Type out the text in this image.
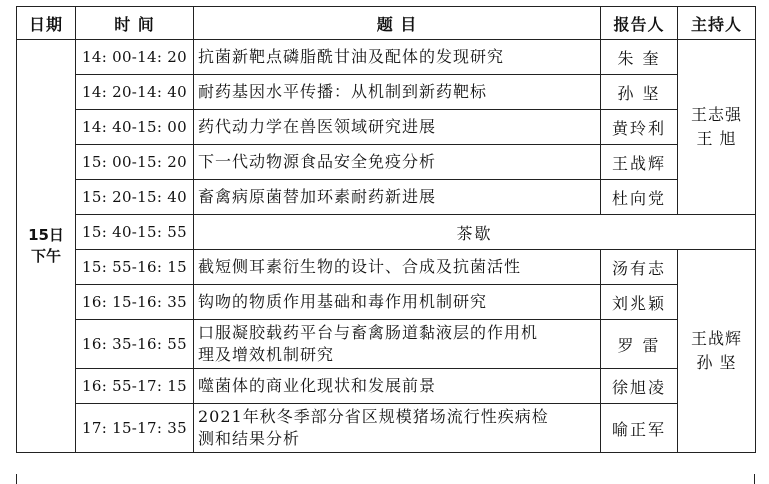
日期	时 间	题 目	报告人	主持人

15日
下午	14: 00-14: 20	抗菌新靶点磷脂酰甘油及配体的发现研究	朱 奎	王志强
王 旭

	14: 20-14: 40	耐药基因水平传播：从机制到新药靶标	孙 坚	
	14: 40-15: 00	药代动力学在兽医领域研究进展	黄玲利	
	15: 00-15: 20	下一代动物源食品安全免疫分析	王战辉	
	15: 20-15: 40	畜禽病原菌替加环素耐药新进展	杜向党	
	15: 40-15: 55	茶歇		
	15: 55-16: 15	截短侧耳素衍生物的设计、合成及抗菌活性	汤有志	王战辉
孙 坚

	16: 15-16: 35	钩吻的物质作用基础和毒作用机制研究	刘兆颖	
	16: 35-16: 55	口服凝胶载药平台与畜禽肠道黏液层的作用机
理及增效机制研究	罗 雷	
	16: 55-17: 15	噬菌体的商业化现状和发展前景	徐旭凌	
	17: 15-17: 35	2021年秋冬季部分省区规模猪场流行性疾病检
测和结果分析	喻正军	
